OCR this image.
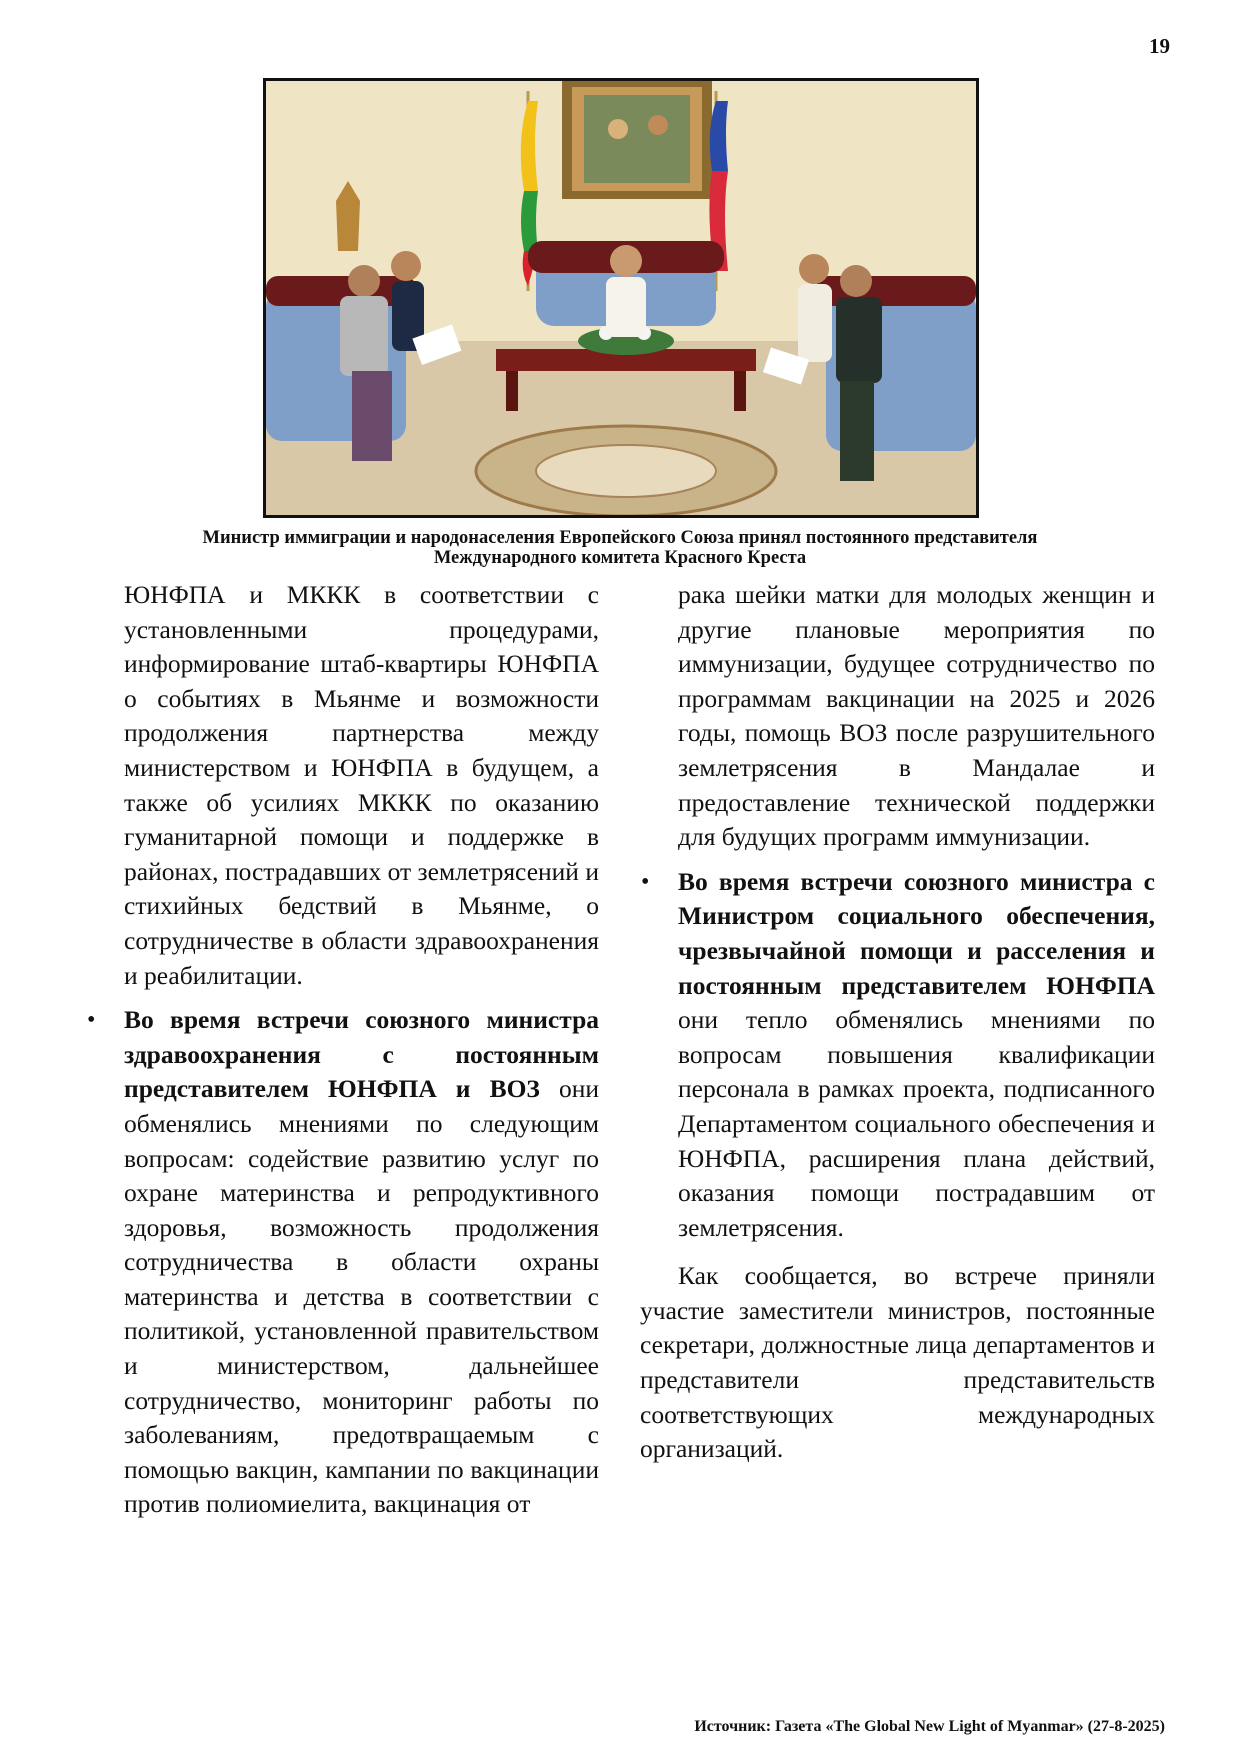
19
Министр иммиграции и народонаселения Европейского Союза принял постоянного представителя Международного комитета Красного Креста

ЮНФПА и МККК в соответствии с установленными процедурами, информирование штаб-квартиры ЮНФПА о событиях в Мьянме и возможности продолжения партнерства между министерством и ЮНФПА в будущем, а также об усилиях МККК по оказанию гуманитарной помощи и поддержке в районах, пострадавших от землетрясений и стихийных бедствий в Мьянме, о сотрудничестве в области здравоохранения и реабилитации.

• Во время встречи союзного министра здравоохранения с постоянным представителем ЮНФПА и ВОЗ они обменялись мнениями по следующим вопросам: содействие развитию услуг по охране материнства и репродуктивного здоровья, возможность продолжения сотрудничества в области охраны материнства и детства в соответствии с политикой, установленной правительством и министерством, дальнейшее сотрудничество, мониторинг работы по заболеваниям, предотвращаемым с помощью вакцин, кампании по вакцинации против полиомиелита, вакцинация от

рака шейки матки для молодых женщин и другие плановые мероприятия по иммунизации, будущее сотрудничество по программам вакцинации на 2025 и 2026 годы, помощь ВОЗ после разрушительного землетрясения в Мандалае и предоставление технической поддержки для будущих программ иммунизации.

• Во время встречи союзного министра с Министром социального обеспечения, чрезвычайной помощи и расселения и постоянным представителем ЮНФПА они тепло обменялись мнениями по вопросам повышения квалификации персонала в рамках проекта, подписанного Департаментом социального обеспечения и ЮНФПА, расширения плана действий, оказания помощи пострадавшим от землетрясения.

Как сообщается, во встрече приняли участие заместители министров, постоянные секретари, должностные лица департаментов и представители представительств соответствующих международных организаций.

Источник: Газета «The Global New Light of Myanmar» (27-8-2025)
